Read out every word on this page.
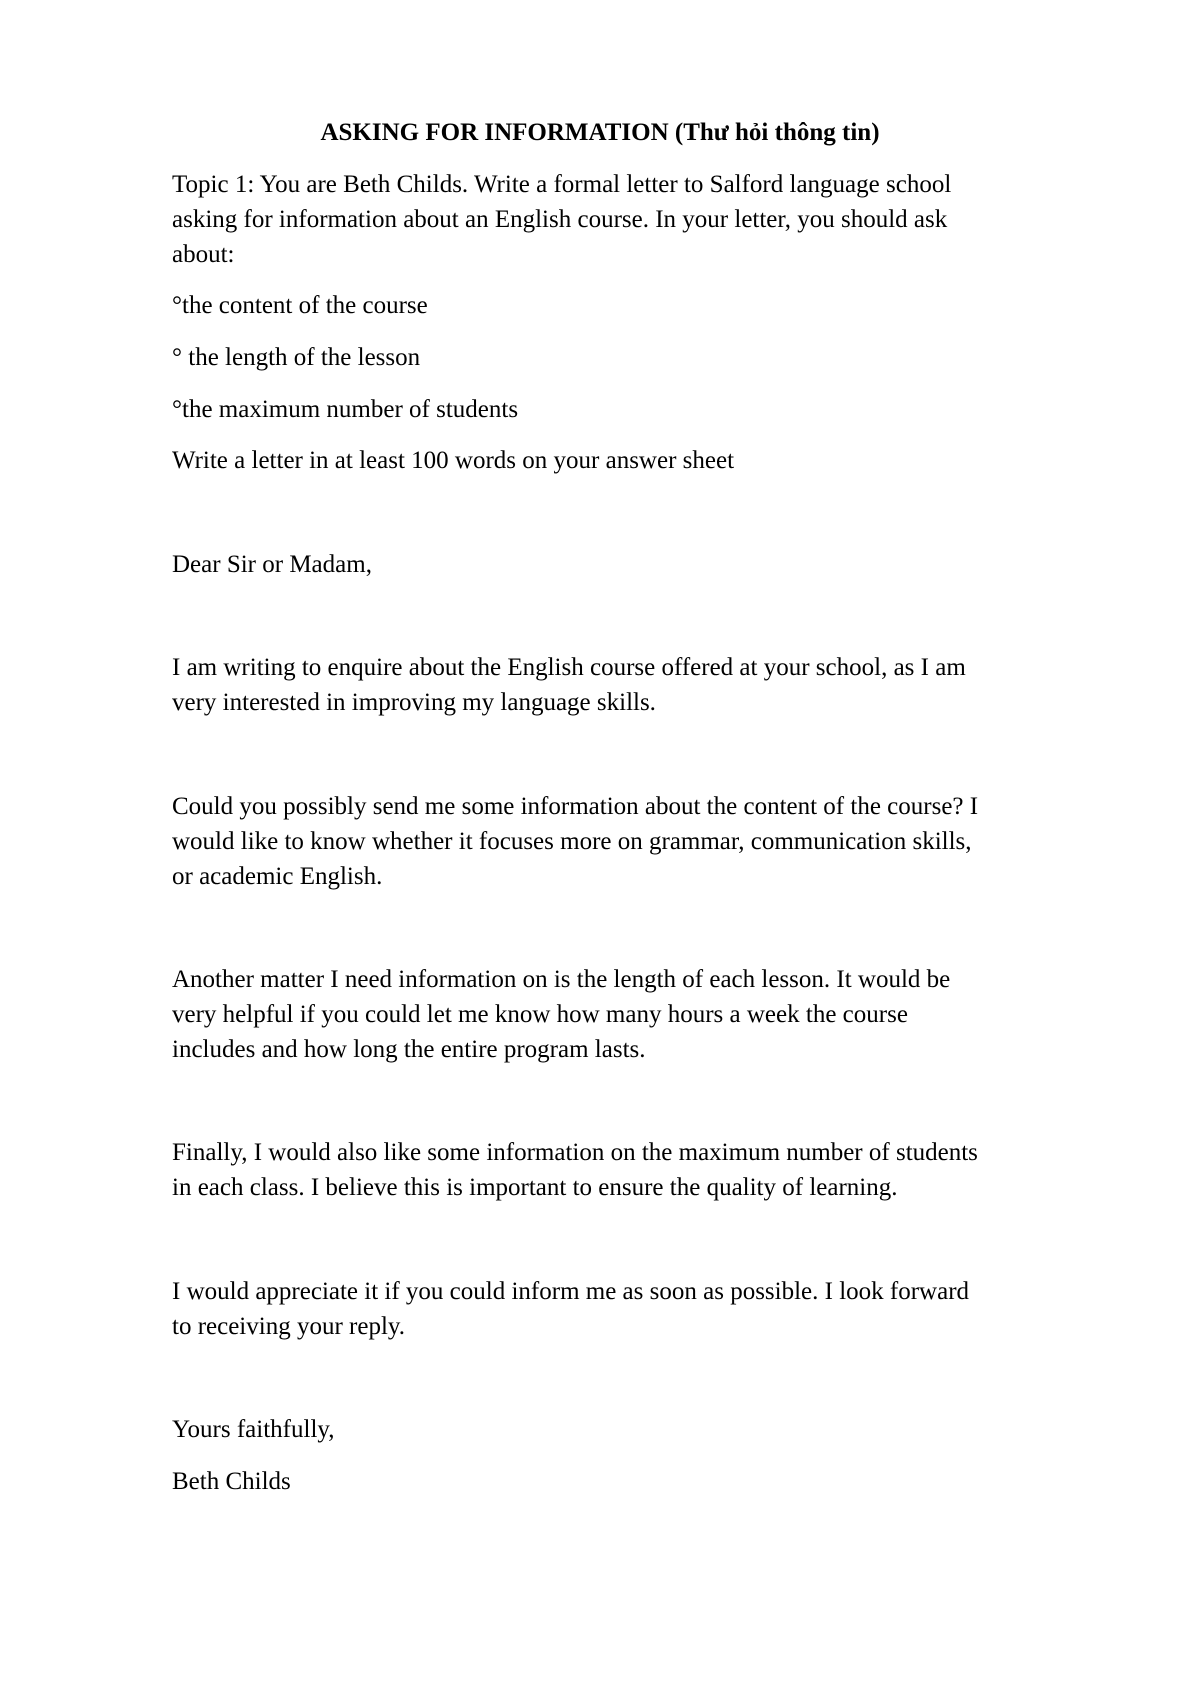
ASKING FOR INFORMATION (Thư hỏi thông tin)
Topic 1: You are Beth Childs. Write a formal letter to Salford language school
asking for information about an English course. In your letter, you should ask
about:
°the content of the course
° the length of the lesson
°the maximum number of students
Write a letter in at least 100 words on your answer sheet
Dear Sir or Madam,
I am writing to enquire about the English course offered at your school, as I am
very interested in improving my language skills.
Could you possibly send me some information about the content of the course? I
would like to know whether it focuses more on grammar, communication skills,
or academic English.
Another matter I need information on is the length of each lesson. It would be
very helpful if you could let me know how many hours a week the course
includes and how long the entire program lasts.
Finally, I would also like some information on the maximum number of students
in each class. I believe this is important to ensure the quality of learning.
I would appreciate it if you could inform me as soon as possible. I look forward
to receiving your reply.
Yours faithfully,
Beth Childs
